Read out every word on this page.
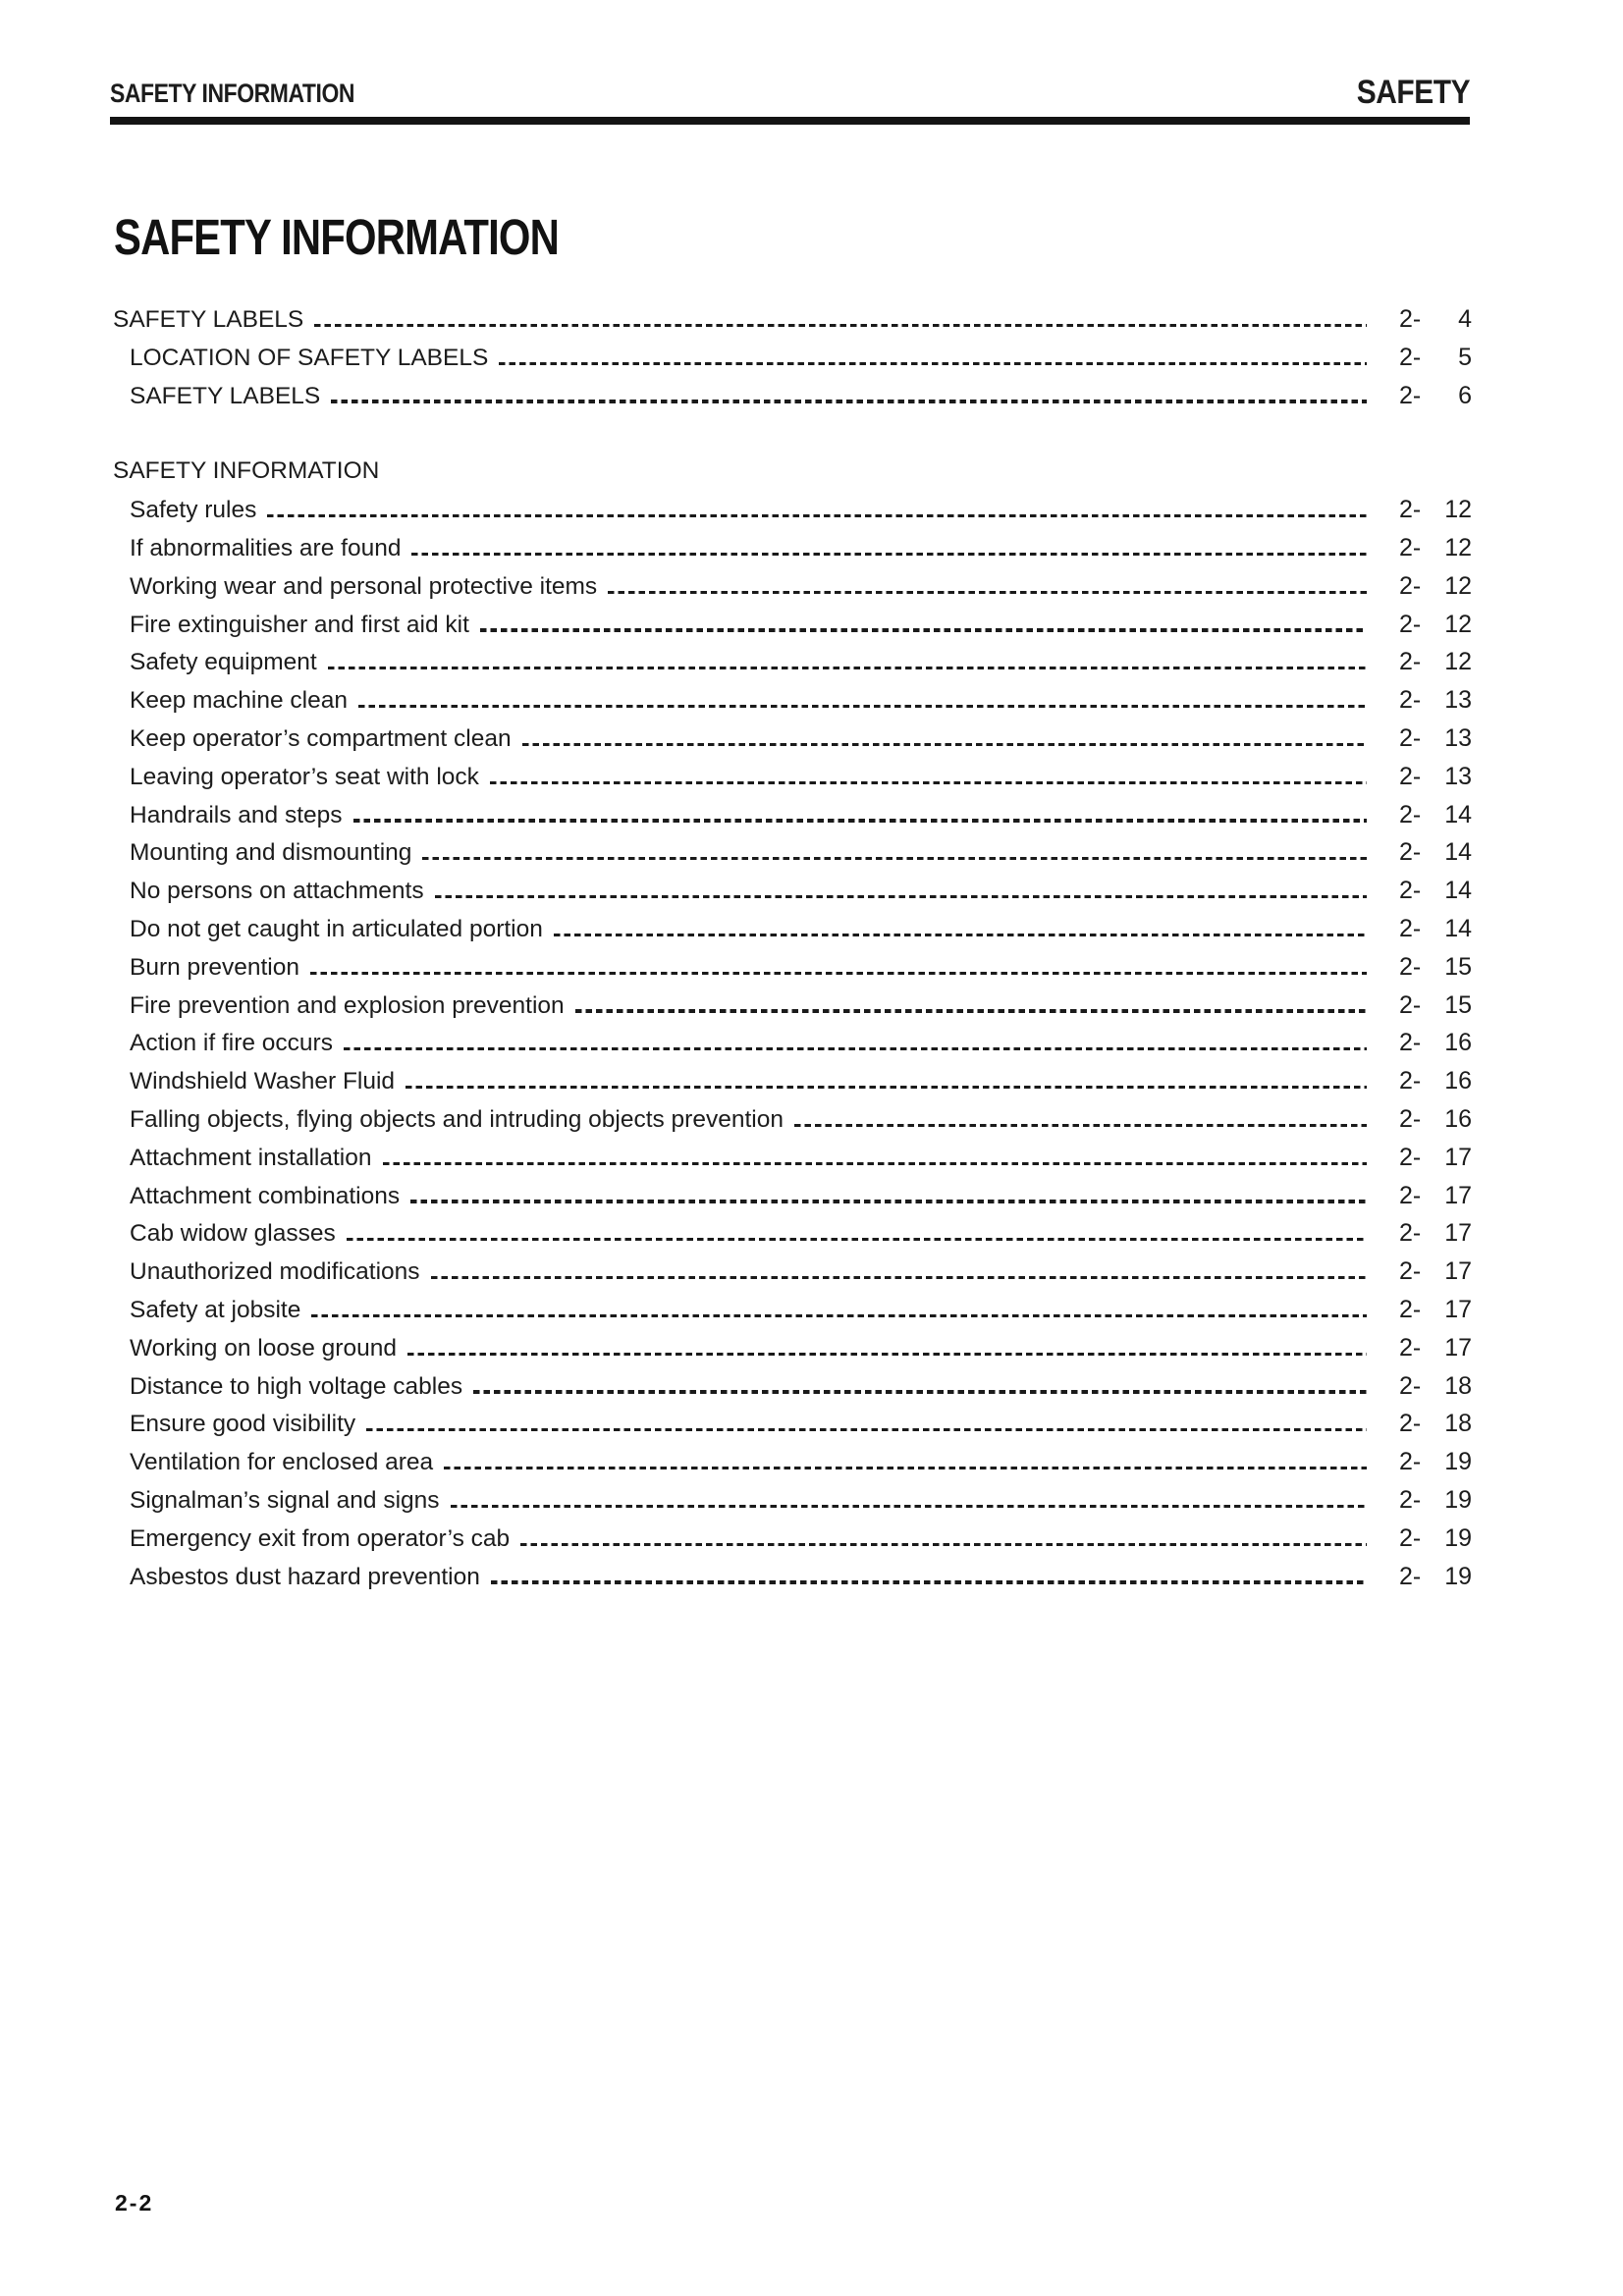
SAFETY INFORMATION	SAFETY
SAFETY INFORMATION
SAFETY LABELS	2- 4
LOCATION OF SAFETY LABELS	2- 5
SAFETY LABELS	2- 6
SAFETY INFORMATION
Safety rules	2- 12
If abnormalities are found	2- 12
Working wear and personal protective items	2- 12
Fire extinguisher and first aid kit	2- 12
Safety equipment	2- 12
Keep machine clean	2- 13
Keep operator’s compartment clean	2- 13
Leaving operator’s seat with lock	2- 13
Handrails and steps	2- 14
Mounting and dismounting	2- 14
No persons on attachments	2- 14
Do not get caught in articulated portion	2- 14
Burn prevention	2- 15
Fire prevention and explosion prevention	2- 15
Action if fire occurs	2- 16
Windshield Washer Fluid	2- 16
Falling objects, flying objects and intruding objects prevention	2- 16
Attachment installation	2- 17
Attachment combinations	2- 17
Cab widow glasses	2- 17
Unauthorized modifications	2- 17
Safety at jobsite	2- 17
Working on loose ground	2- 17
Distance to high voltage cables	2- 18
Ensure good visibility	2- 18
Ventilation for enclosed area	2- 19
Signalman’s signal and signs	2- 19
Emergency exit from operator’s cab	2- 19
Asbestos dust hazard prevention	2- 19
2-2
